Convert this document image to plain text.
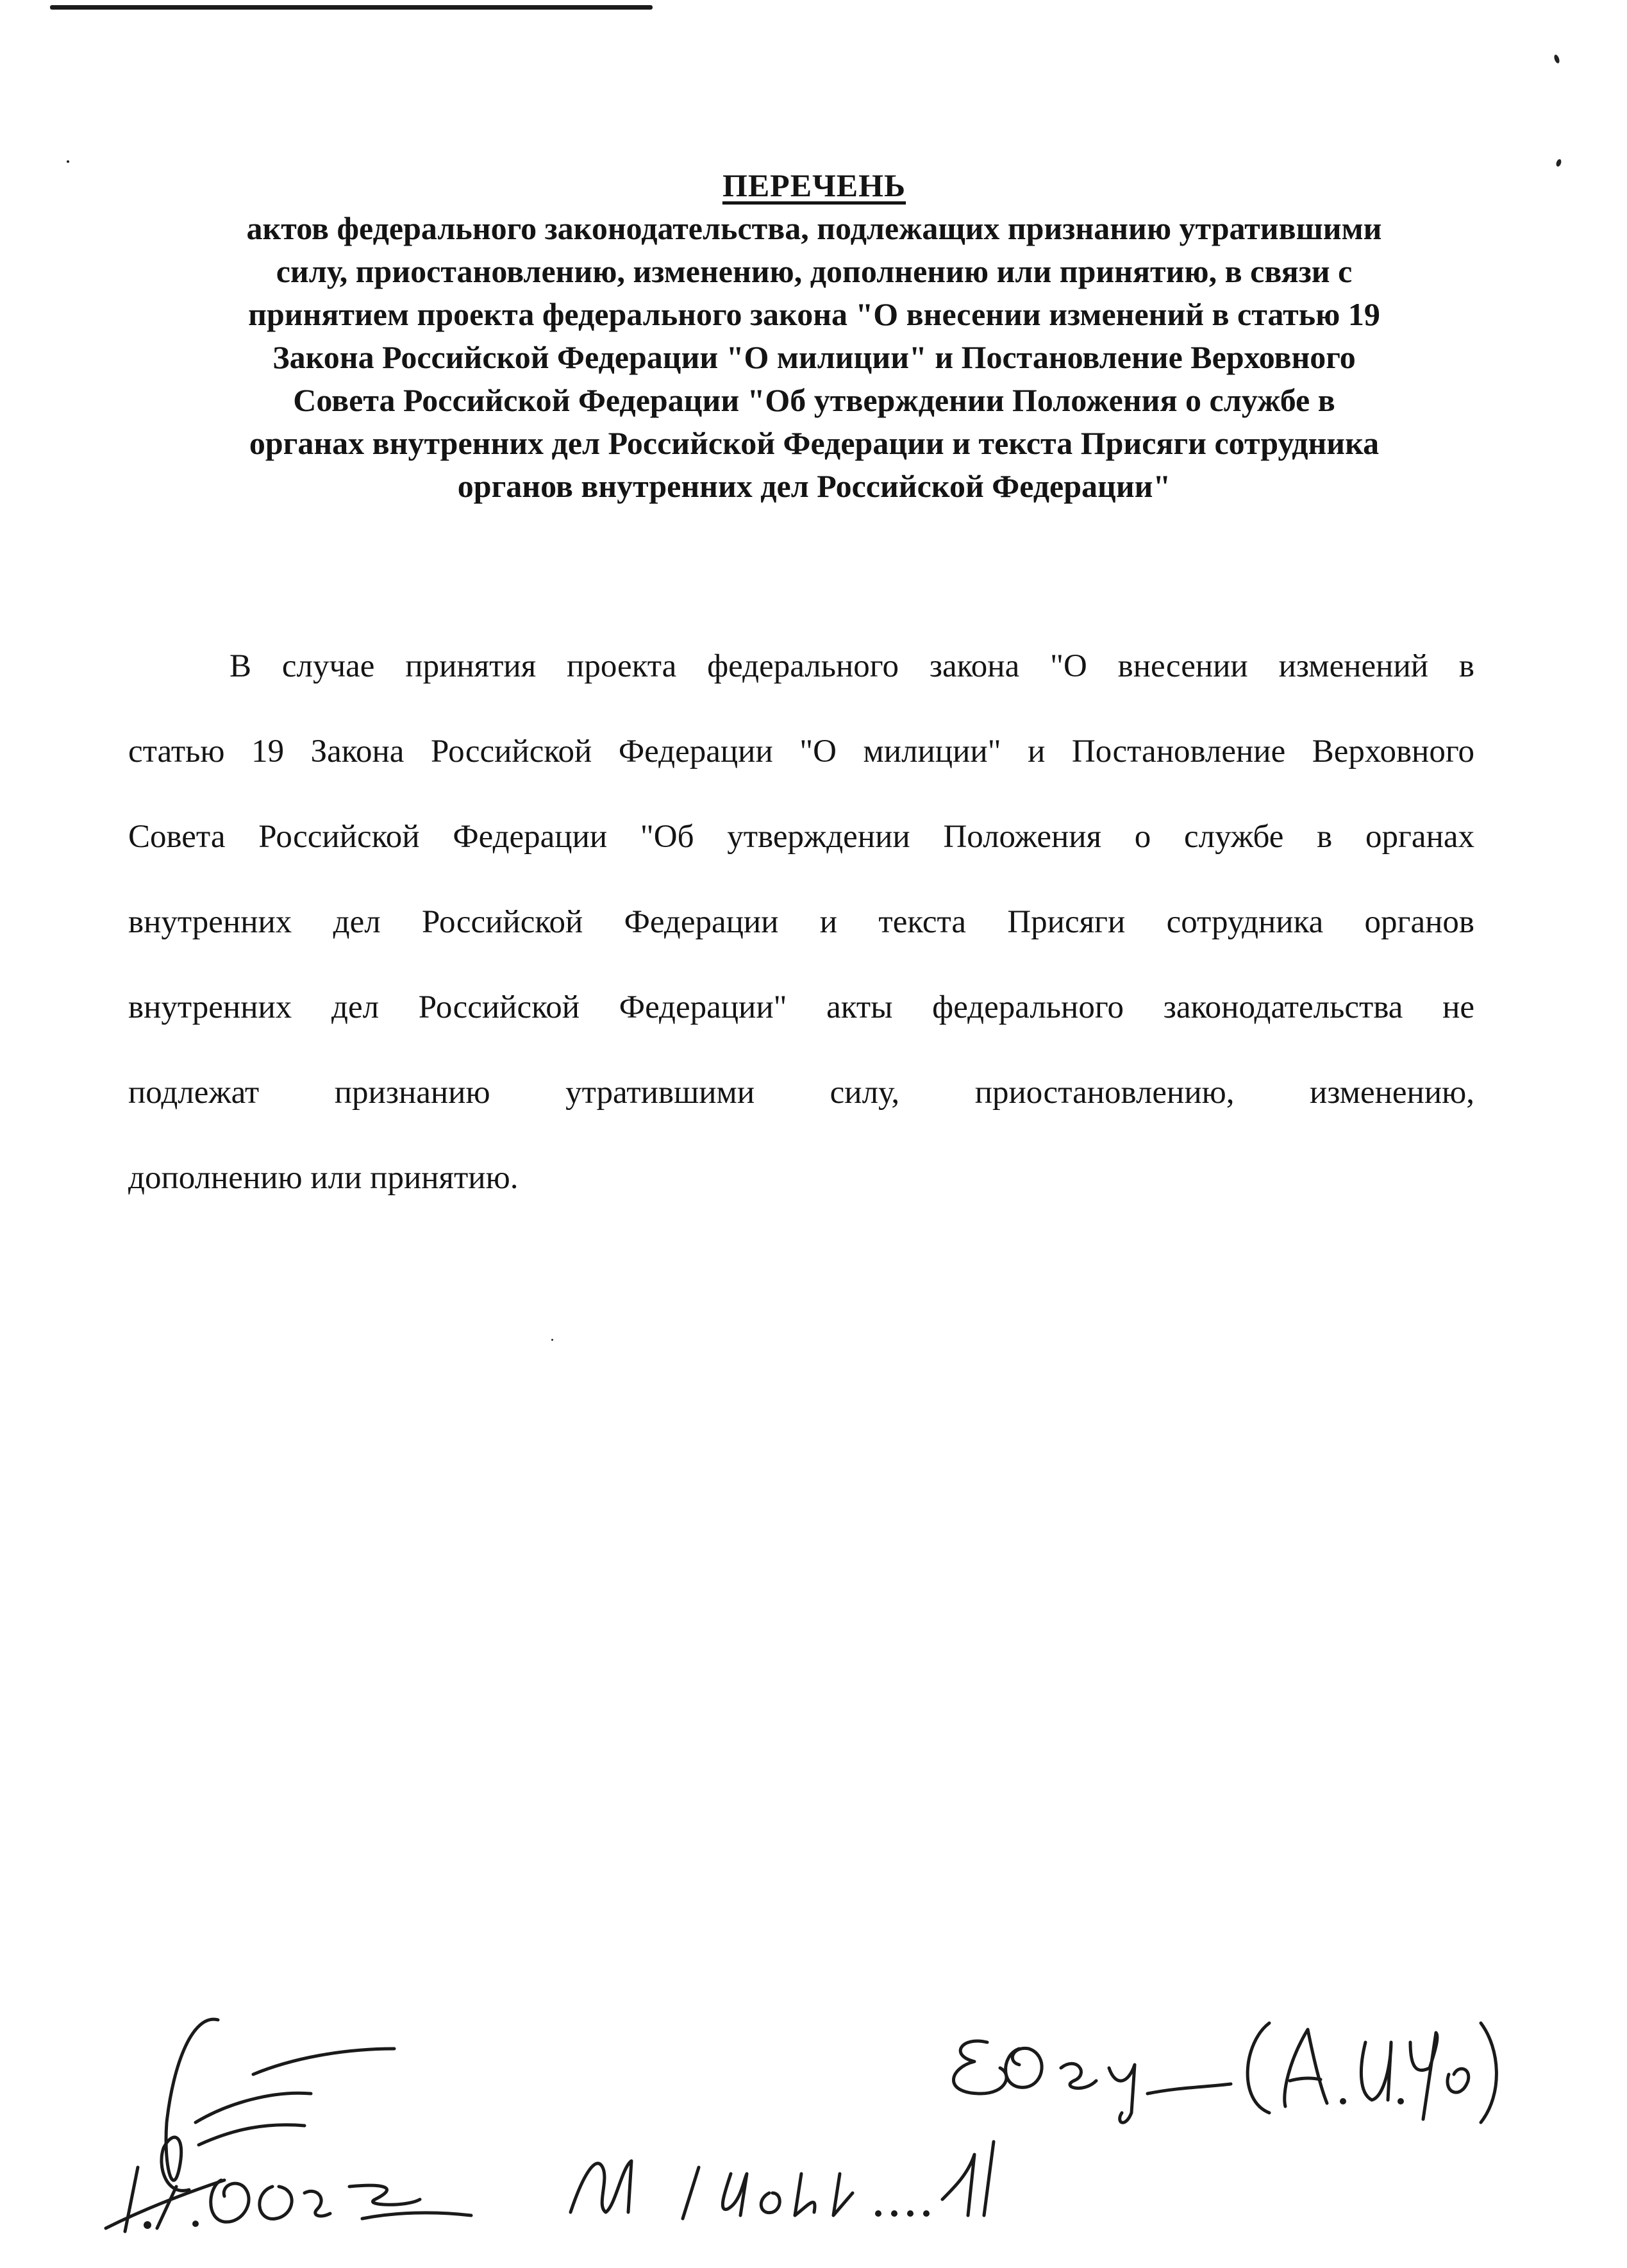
ПЕРЕЧЕНЬ
актов федерального законодательства, подлежащих признанию утратившими
силу, приостановлению, изменению, дополнению или принятию, в связи с
принятием проекта федерального закона "О внесении изменений в статью 19
Закона Российской Федерации "О милиции" и Постановление Верховного
Совета Российской Федерации "Об утверждении Положения о службе в
органах внутренних дел Российской Федерации и текста Присяги сотрудника
органов внутренних дел Российской Федерации"
В случае принятия проекта федерального закона "О внесении изменений в
статью 19 Закона Российской Федерации "О милиции" и Постановление Верховного
Совета Российской Федерации "Об утверждении Положения о службе в органах
внутренних дел Российской Федерации и текста Присяги сотрудника органов
внутренних дел Российской Федерации" акты федерального законодательства не
подлежат признанию утратившими силу, приостановлению, изменению,
дополнению или принятию.
